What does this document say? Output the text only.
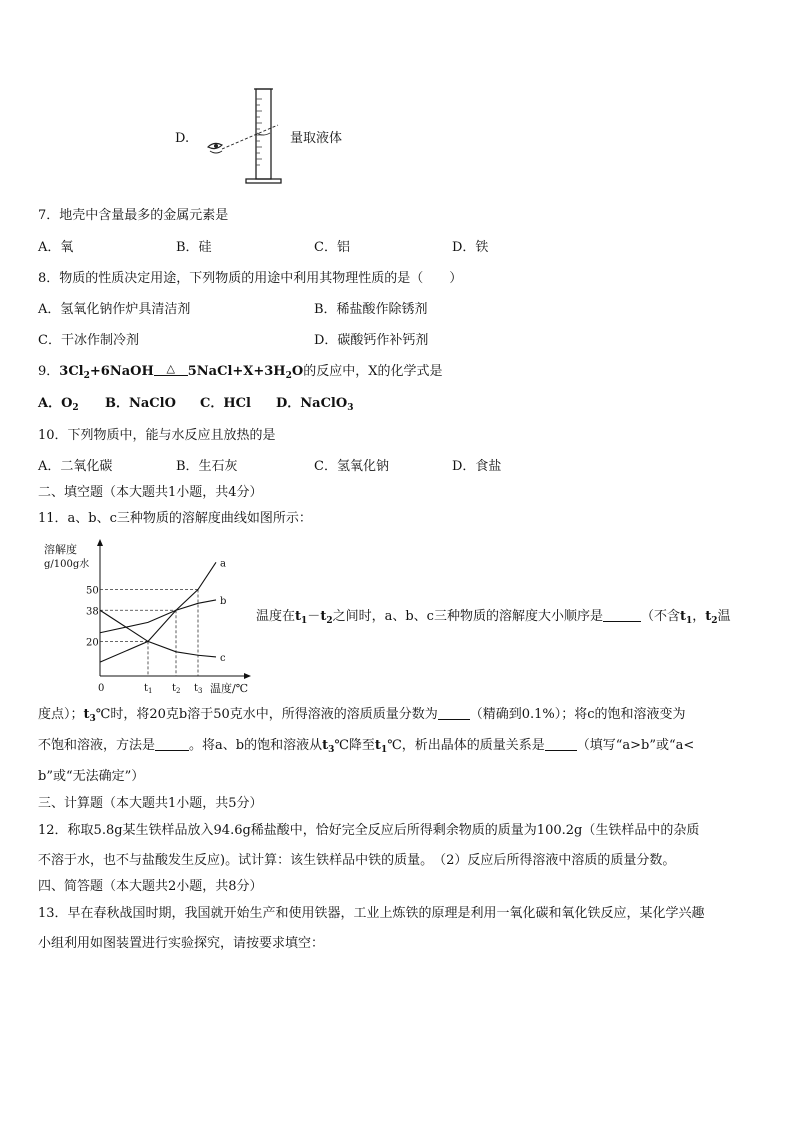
D.	量取液体
7．地壳中含量最多的金属元素是
A．氧	B．硅	C．铝	D．铁
8．物质的性质决定用途，下列物质的用途中利用其物理性质的是（　　）
A．氢氧化钠作炉具清洁剂	B．稀盐酸作除锈剂
C．干冰作制冷剂	D．碳酸钙作补钙剂
9．$3Cl_2+6NaOH$ △ $5NaCl+X+3H_2O$的反应中，X的化学式是
A．$O_2$ B．NaClO C．HCl D．NaClO$_3$
10．下列物质中，能与水反应且放热的是
A．二氧化碳	B．生石灰	C．氢氧化钠	D．食盐
二、填空题（本大题共1小题，共4分）
11．a、b、c三种物质的溶解度曲线如图所示：
溶解度
g/100g水
温度/℃
0
20
38
50
$t_1$ $t_2$ $t_3$
a
b
c
温度在$t_1-t_2$之间时，a、b、c三种物质的溶解度大小顺序是	（不含$t_1$，$t_2$温
度点）；$t_3℃$时，将20克b溶于50克水中，所得溶液的溶质质量分数为 （精确到0.1%）；将c的饱和溶液变为
不饱和溶液，方法是	。将a、b的饱和溶液从$t_3℃$降至$t_1℃$，析出晶体的质量关系是 （填写“a>b”或“a<
b”或“无法确定”）
三、计算题（本大题共1小题，共5分）
12．称取5.8g某生铁样品放入94.6g稀盐酸中，恰好完全反应后所得剩余物质的质量为100.2g（生铁样品中的杂质
不溶于水，也不与盐酸发生反应)。试计算：该生铁样品中铁的质量。　（2）反应后所得溶液中溶质的质量分数。
四、简答题（本大题共2小题，共8分）
13．早在春秋战国时期，我国就开始生产和使用铁器，工业上炼铁的原理是利用一氧化碳和氧化铁反应，某化学兴趣
小组利用如图装置进行实验探究，请按要求填空：
